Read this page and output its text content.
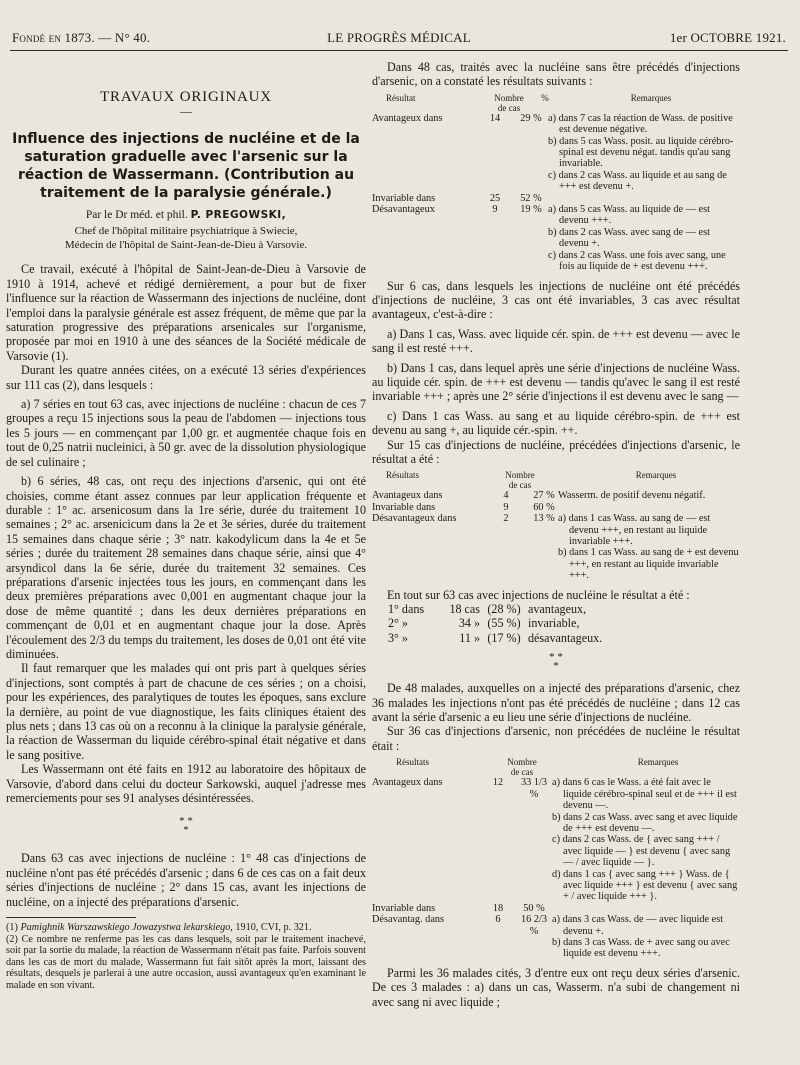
Fondé en 1873. — N° 40.	LE PROGRÈS MÉDICAL	1er OCTOBRE 1921.
TRAVAUX ORIGINAUX
—
Influence des injections de nucléine et de la saturation graduelle avec l'arsenic sur la réaction de Wassermann. (Contribution au traitement de la paralysie générale.)
Par le Dr méd. et phil. P. PREGOWSKI,
Chef de l'hôpital militaire psychiatrique à Swiecie,
Médecin de l'hôpital de Saint-Jean-de-Dieu à Varsovie.

Ce travail, exécuté à l'hôpital de Saint-Jean-de-Dieu à Varsovie de 1910 à 1914, achevé et rédigé dernièrement, a pour but de fixer l'influence sur la réaction de Wassermann des injections de nucléine, dont l'emploi dans la paralysie générale est assez fréquent, de même que par la saturation progressive des préparations arsenicales sur l'organisme, proposée par moi en 1910 à une des séances de la Société médicale de Varsovie (1).

Durant les quatre années citées, on a exécuté 13 séries d'expériences sur 111 cas (2), dans lesquels :

a) 7 séries en tout 63 cas, avec injections de nucléine : chacun de ces 7 groupes a reçu 15 injections sous la peau de l'abdomen — injections tous les 5 jours — en commençant par 1,00 gr. et augmentée chaque fois en tout de 0,25 natrii nucleinici, à 50 gr. avec de la dissolution physiologique de sel culinaire ;

b) 6 séries, 48 cas, ont reçu des injections d'arsenic, qui ont été choisies, comme étant assez connues par leur application fréquente et durable : 1° ac. arsenicosum dans la 1re série, durée du traitement 10 semaines ; 2° ac. arsenicicum dans la 2e et 3e séries, durée du traitement 15 semaines dans chaque série ; 3° natr. kakodylicum dans la 4e et 5e séries ; durée du traitement 28 semaines dans chaque série, ainsi que 4° arsyndicol dans la 6e série, durée du traitement 32 semaines. Ces préparations d'arsenic injectées tous les jours, en commençant dans les deux premières préparations avec 0,001 en augmentant chaque jour la dose de même quantité ; dans les deux dernières préparations en commençant de 0,01 et en augmentant chaque jour la dose. Après l'écoulement des 2/3 du temps du traitement, les doses de 0,01 ont été vite diminuées.

Il faut remarquer que les malades qui ont pris part à quelques séries d'injections, sont comptés à part de chacune de ces séries ; on a choisi, pour les expériences, des paralytiques de toutes les époques, sans exclure la dernière, au point de vue diagnostique, les faits cliniques étaient des plus nets ; dans 13 cas où on a reconnu à la clinique la paralysie générale, la réaction de Wasserman du liquide cérébro-spinal était négative et dans le sang positive.

Les Wassermann ont été faits en 1912 au laboratoire des hôpitaux de Varsovie, d'abord dans celui du docteur Sarkowski, auquel j'adresse mes remerciements pour ses 91 analyses désintéressées.

* *
*

Dans 63 cas avec injections de nucléine : 1° 48 cas d'injections de nucléine n'ont pas été précédés d'arsenic ; dans 6 de ces cas on a fait deux séries d'injections de nucléine ; 2° dans 15 cas, avant les injections de nucléine, on a injecté des préparations d'arsenic.

(1) Pamighnik Warszawskiego Jowazystwa lekarskiego, 1910, CVI, p. 321.
(2) Ce nombre ne renferme pas les cas dans lesquels, soit par le traitement inachevé, soit par la sortie du malade, la réaction de Wassermann n'était pas faite. Parfois souvent dans les cas de mort du malade, Wassermann fut fait sitôt après la mort, laissant des résultats, desquels je parlerai à une autre occasion, aussi avantageux qu'en examinant le malade en son vivant.

Dans 48 cas, traités avec la nucléine sans être précédés d'injections d'arsenic, on a constaté les résultats suivants :

Résultat	Nombre
de cas
%	Remarques
Avantageux dans	14	29 % a) dans 7 cas la réaction de Wass. de positive est devenue négative.
b) dans 5 cas Wass. posit. au liquide cérébro-spinal est devenu négat. tandis qu'au sang invariable.
c) dans 2 cas Wass. au liquide et au sang de +++ est devenu +.
Invariable dans	25	52 %
Désavantageux	9	19 % a) dans 5 cas Wass. au liquide de — est devenu +++.
b) dans 2 cas Wass. avec sang de — est devenu +.
c) dans 2 cas Wass. une fois avec sang, une fois au liquide de + est devenu +++.

Sur 6 cas, dans lesquels les injections de nucléine ont été précédés d'injections de nucléine, 3 cas ont été invariables, 3 cas avec résultat avantageux, c'est-à-dire :

a) Dans 1 cas, Wass. avec liquide cér. spin. de +++ est devenu — avec le sang il est resté +++.

b) Dans 1 cas, dans lequel après une série d'injections de nucléine Wass. au liquide cér. spin. de +++ est devenu — tandis qu'avec le sang il est resté invariable +++ ; après une 2° série d'injections il est devenu avec le sang —

c) Dans 1 cas Wass. au sang et au liquide cérébro-spin. de +++ est devenu au sang +, au liquide cér.-spin. ++.

Sur 15 cas d'injections de nucléine, précédées d'injections d'arsenic, le résultat a été :

Résultats	Nombre
de cas
Remarques
Avantageux dans	4	27 % Wasserm. de positif devenu négatif.
Invariable dans	9	60 %
Désavantageux dans	2	13 % a) dans 1 cas Wass. au sang de — est devenu +++, en restant au liquide invariable +++.
b) dans 1 cas Wass. au sang de + est devenu +++, en restant au liquide invariable +++.

En tout sur 63 cas avec injections de nucléine le résultat a été :

1° dans	18 cas (28 %) avantageux,
2° »	34 » (55 %) invariable,
3° »	11 » (17 %) désavantageux.
* *
*

De 48 malades, auxquelles on a injecté des préparations d'arsenic, chez 36 malades les injections n'ont pas été précédés de nucléine ; dans 12 cas avant la série d'arsenic a eu lieu une série d'injections de nucléine.

Sur 36 cas d'injections d'arsenic, non précédées de nucléine le résultat était :

Résultats	Nombre
de cas
Remarques
Avantageux dans	12	33 1/3 %
a) dans 6 cas le Wass. a été fait avec le liquide cérébro-spinal seul et de +++ il est devenu —.
b) dans 2 cas Wass. avec sang et avec liquide de +++ est devenu —.
c) dans 2 cas Wass. de { avec sang +++ / avec liquide — } est devenu { avec sang — / avec liquide — }.
d) dans 1 cas { avec sang +++ } Wass. de { avec liquide +++ } est devenu { avec sang + / avec liquide +++ }.
Invariable dans	18	50 %
Désavantag. dans	6	16 2/3 %
a) dans 3 cas Wass. de — avec liquide est devenu +.
b) dans 3 cas Wass. de + avec sang ou avec liquide est devenu +++.

Parmi les 36 malades cités, 3 d'entre eux ont reçu deux séries d'arsenic. De ces 3 malades : a) dans un cas, Wasserm. n'a subi de changement ni avec sang ni avec liquide ;
